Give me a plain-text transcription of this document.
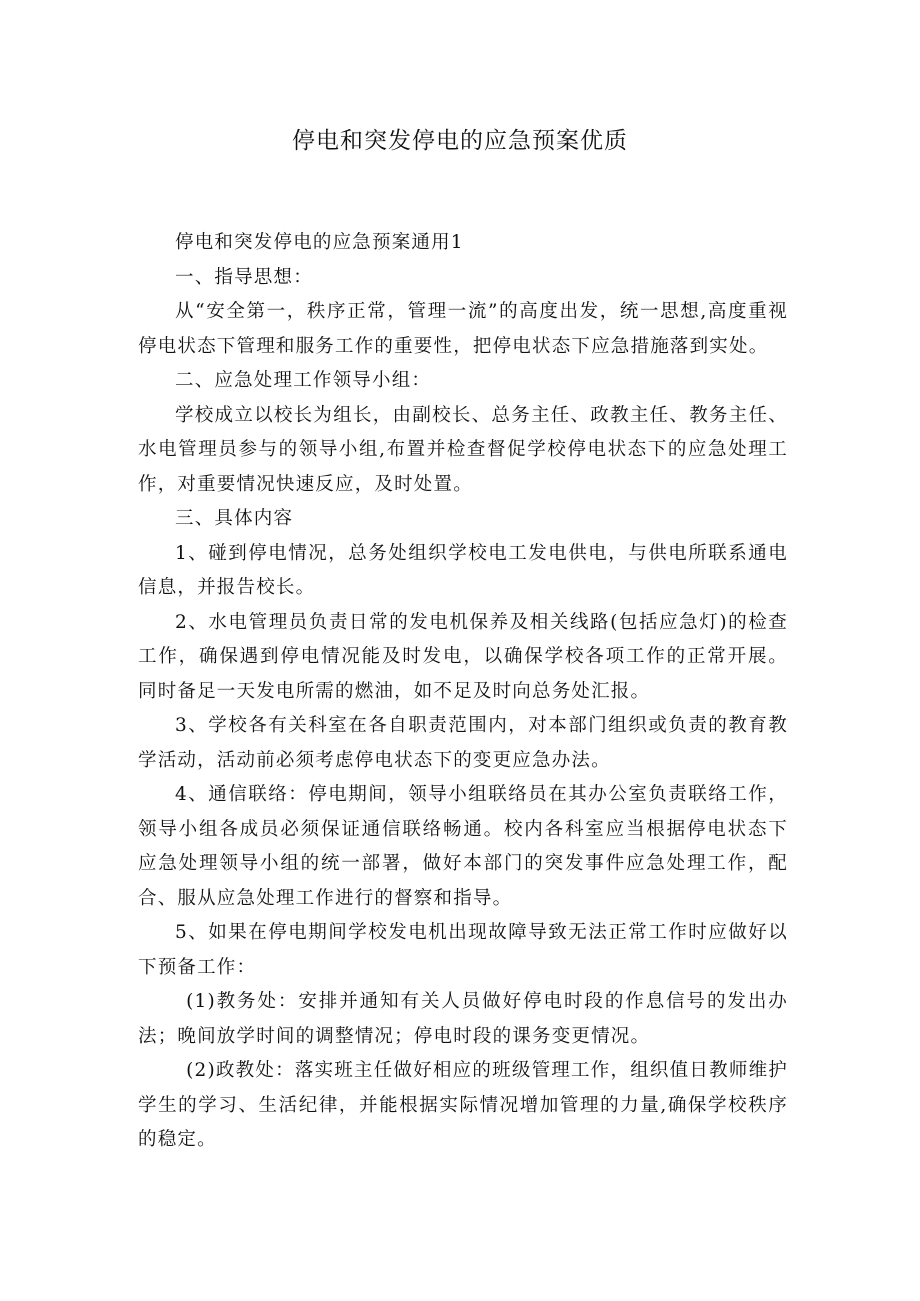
停电和突发停电的应急预案优质

停电和突发停电的应急预案通用1

一、指导思想：

从“安全第一，秩序正常，管理一流”的高度出发，统一思想,高度重视停电状态下管理和服务工作的重要性，把停电状态下应急措施落到实处。

二、应急处理工作领导小组：

学校成立以校长为组长，由副校长、总务主任、政教主任、教务主任、水电管理员参与的领导小组,布置并检查督促学校停电状态下的应急处理工作，对重要情况快速反应，及时处置。

三、具体内容

1、碰到停电情况，总务处组织学校电工发电供电，与供电所联系通电信息，并报告校长。

2、水电管理员负责日常的发电机保养及相关线路(包括应急灯)的检查工作，确保遇到停电情况能及时发电，以确保学校各项工作的正常开展。同时备足一天发电所需的燃油，如不足及时向总务处汇报。

3、学校各有关科室在各自职责范围内，对本部门组织或负责的教育教学活动，活动前必须考虑停电状态下的变更应急办法。

4、通信联络：停电期间，领导小组联络员在其办公室负责联络工作，领导小组各成员必须保证通信联络畅通。校内各科室应当根据停电状态下应急处理领导小组的统一部署，做好本部门的突发事件应急处理工作，配合、服从应急处理工作进行的督察和指导。

5、如果在停电期间学校发电机出现故障导致无法正常工作时应做好以下预备工作：

(1)教务处：安排并通知有关人员做好停电时段的作息信号的发出办法；晚间放学时间的调整情况；停电时段的课务变更情况。

(2)政教处：落实班主任做好相应的班级管理工作，组织值日教师维护学生的学习、生活纪律，并能根据实际情况增加管理的力量,确保学校秩序的稳定。
